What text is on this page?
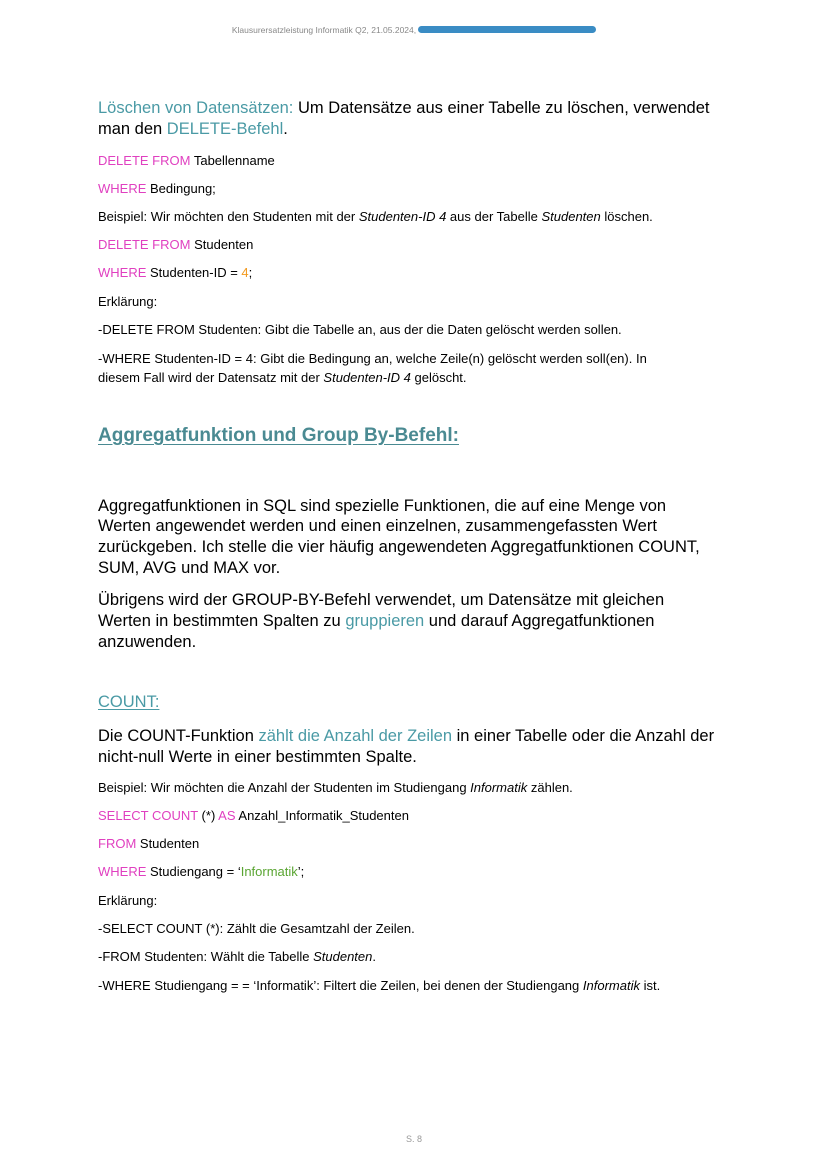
Klausurersatzleistung Informatik Q2, 21.05.2024,
Löschen von Datensätzen: Um Datensätze aus einer Tabelle zu löschen, verwendet
man den DELETE-Befehl.
DELETE FROM Tabellenname
WHERE Bedingung;
Beispiel: Wir möchten den Studenten mit der Studenten-ID 4 aus der Tabelle Studenten löschen.
DELETE FROM Studenten
WHERE Studenten-ID = 4;
Erklärung:
-DELETE FROM Studenten: Gibt die Tabelle an, aus der die Daten gelöscht werden sollen.
-WHERE Studenten-ID = 4: Gibt die Bedingung an, welche Zeile(n) gelöscht werden soll(en). In
diesem Fall wird der Datensatz mit der Studenten-ID 4 gelöscht.
Aggregatfunktion und Group By-Befehl:
Aggregatfunktionen in SQL sind spezielle Funktionen, die auf eine Menge von
Werten angewendet werden und einen einzelnen, zusammengefassten Wert
zurückgeben. Ich stelle die vier häufig angewendeten Aggregatfunktionen COUNT,
SUM, AVG und MAX vor.
Übrigens wird der GROUP-BY-Befehl verwendet, um Datensätze mit gleichen
Werten in bestimmten Spalten zu gruppieren und darauf Aggregatfunktionen
anzuwenden.
COUNT:
Die COUNT-Funktion zählt die Anzahl der Zeilen in einer Tabelle oder die Anzahl der
nicht-null Werte in einer bestimmten Spalte.
Beispiel: Wir möchten die Anzahl der Studenten im Studiengang Informatik zählen.
SELECT COUNT (*) AS Anzahl_Informatik_Studenten
FROM Studenten
WHERE Studiengang = ‘Informatik’;
Erklärung:
-SELECT COUNT (*): Zählt die Gesamtzahl der Zeilen.
-FROM Studenten: Wählt die Tabelle Studenten.
-WHERE Studiengang = = ‘Informatik’: Filtert die Zeilen, bei denen der Studiengang Informatik ist.
S. 8
